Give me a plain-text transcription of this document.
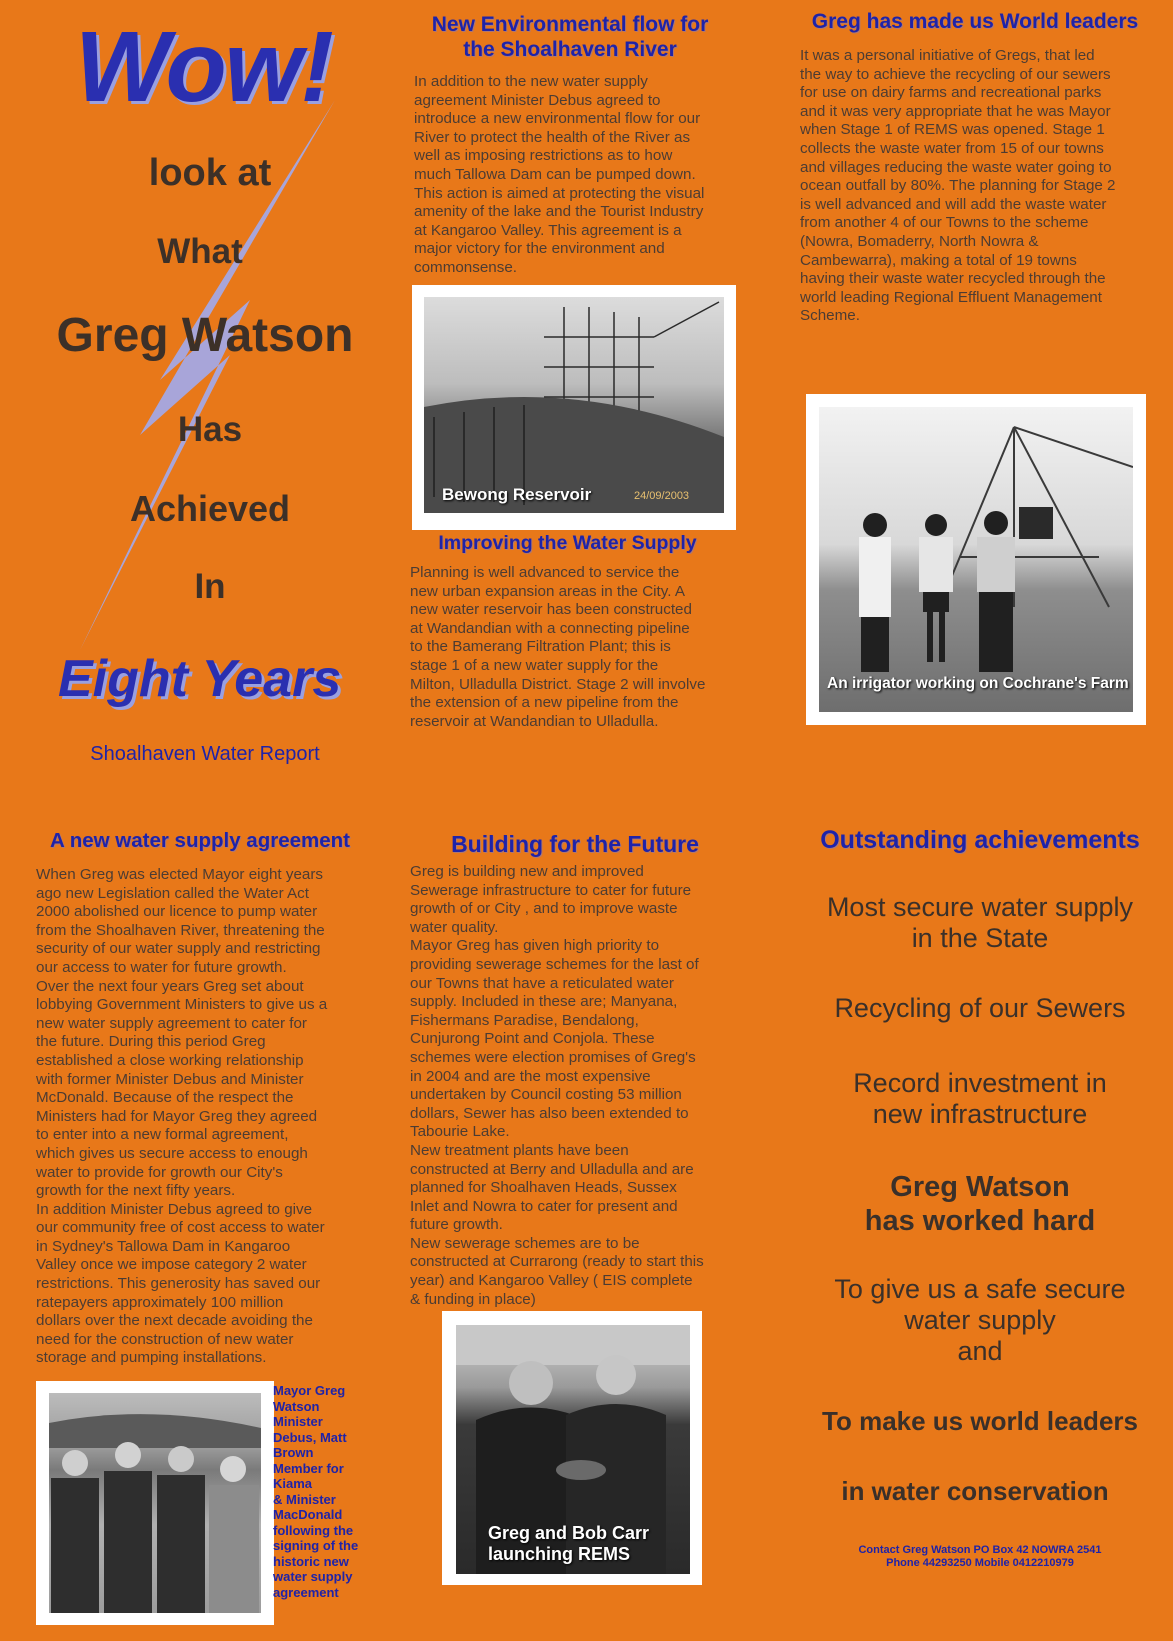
Wow!
look at
What
Greg Watson
Has
Achieved
In
Eight Years
Shoalhaven Water Report
New Environmental flow for
the Shoalhaven River
In addition to the new water supply
agreement Minister Debus agreed to
introduce a new environmental flow for our
River to protect the health of the River as
well as imposing restrictions as to how
much Tallowa Dam can be pumped down.
This action is aimed at protecting the visual
amenity of the lake and the Tourist Industry
at Kangaroo Valley. This agreement is a
major victory for the environment and
commonsense.
Bewong Reservoir	24/09/2003
Improving the Water Supply
Planning is well advanced to service the
new urban expansion areas in the City. A
new water reservoir has been constructed
at Wandandian with a connecting pipeline
to the Bamerang Filtration Plant; this is
stage 1 of a new water supply for the
Milton, Ulladulla District. Stage 2 will involve
the extension of a new pipeline from the
reservoir at Wandandian to Ulladulla.
Greg has made us World leaders
It was a personal initiative of Gregs, that led
the way to achieve the recycling of our sewers
for use on dairy farms and recreational parks
and it was very appropriate that he was Mayor
when Stage 1 of REMS was opened. Stage 1
collects the waste water from 15 of our towns
and villages reducing the waste water going to
ocean outfall by 80%. The planning for Stage 2
is well advanced and will add the waste water
from another 4 of our Towns to the scheme
(Nowra, Bomaderry, North Nowra &
Cambewarra), making a total of 19 towns
having their waste water recycled through the
world leading Regional Effluent Management
Scheme.
An irrigator working on Cochrane's Farm
A new water supply agreement
When Greg was elected Mayor eight years
ago new Legislation called the Water Act
2000 abolished our licence to pump water
from the Shoalhaven River, threatening the
security of our water supply and restricting
our access to water for future growth.
Over the next four years Greg set about
lobbying Government Ministers to give us a
new water supply agreement to cater for
the future. During this period Greg
established a close working relationship
with former Minister Debus and Minister
McDonald. Because of the respect the
Ministers had for Mayor Greg they agreed
to enter into a new formal agreement,
which gives us secure access to enough
water to provide for growth our City's
growth for the next fifty years.
In addition Minister Debus agreed to give
our community free of cost access to water
in Sydney's Tallowa Dam in Kangaroo
Valley once we impose category 2 water
restrictions. This generosity has saved our
ratepayers approximately 100 million
dollars over the next decade avoiding the
need for the construction of new water
storage and pumping installations.
Mayor Greg
Watson
Minister
Debus, Matt
Brown
Member for
Kiama
& Minister
MacDonald
following the
signing of the
historic new
water supply
agreement
Building for the Future
Greg is building new and improved
Sewerage infrastructure to cater for future
growth of or City , and to improve waste
water quality.
Mayor Greg has given high priority to
providing sewerage schemes for the last of
our Towns that have a reticulated water
supply. Included in these are; Manyana,
Fishermans Paradise, Bendalong,
Cunjurong Point and Conjola. These
schemes were election promises of Greg's
in 2004 and are the most expensive
undertaken by Council costing 53 million
dollars, Sewer has also been extended to
Tabourie Lake.
New treatment plants have been
constructed at Berry and Ulladulla and are
planned for Shoalhaven Heads, Sussex
Inlet and Nowra to cater for present and
future growth.
New sewerage schemes are to be
constructed at Currarong (ready to start this
year) and Kangaroo Valley ( EIS complete
& funding in place)
Greg and Bob Carr
launching REMS
Outstanding achievements
Most secure water supply
in the State
Recycling of our Sewers
Record investment in
new infrastructure
Greg Watson
has worked hard
To give us a safe secure
water supply
and
To make us world leaders
in water conservation
Contact Greg Watson PO Box 42 NOWRA 2541
Phone 44293250 Mobile 0412210979
